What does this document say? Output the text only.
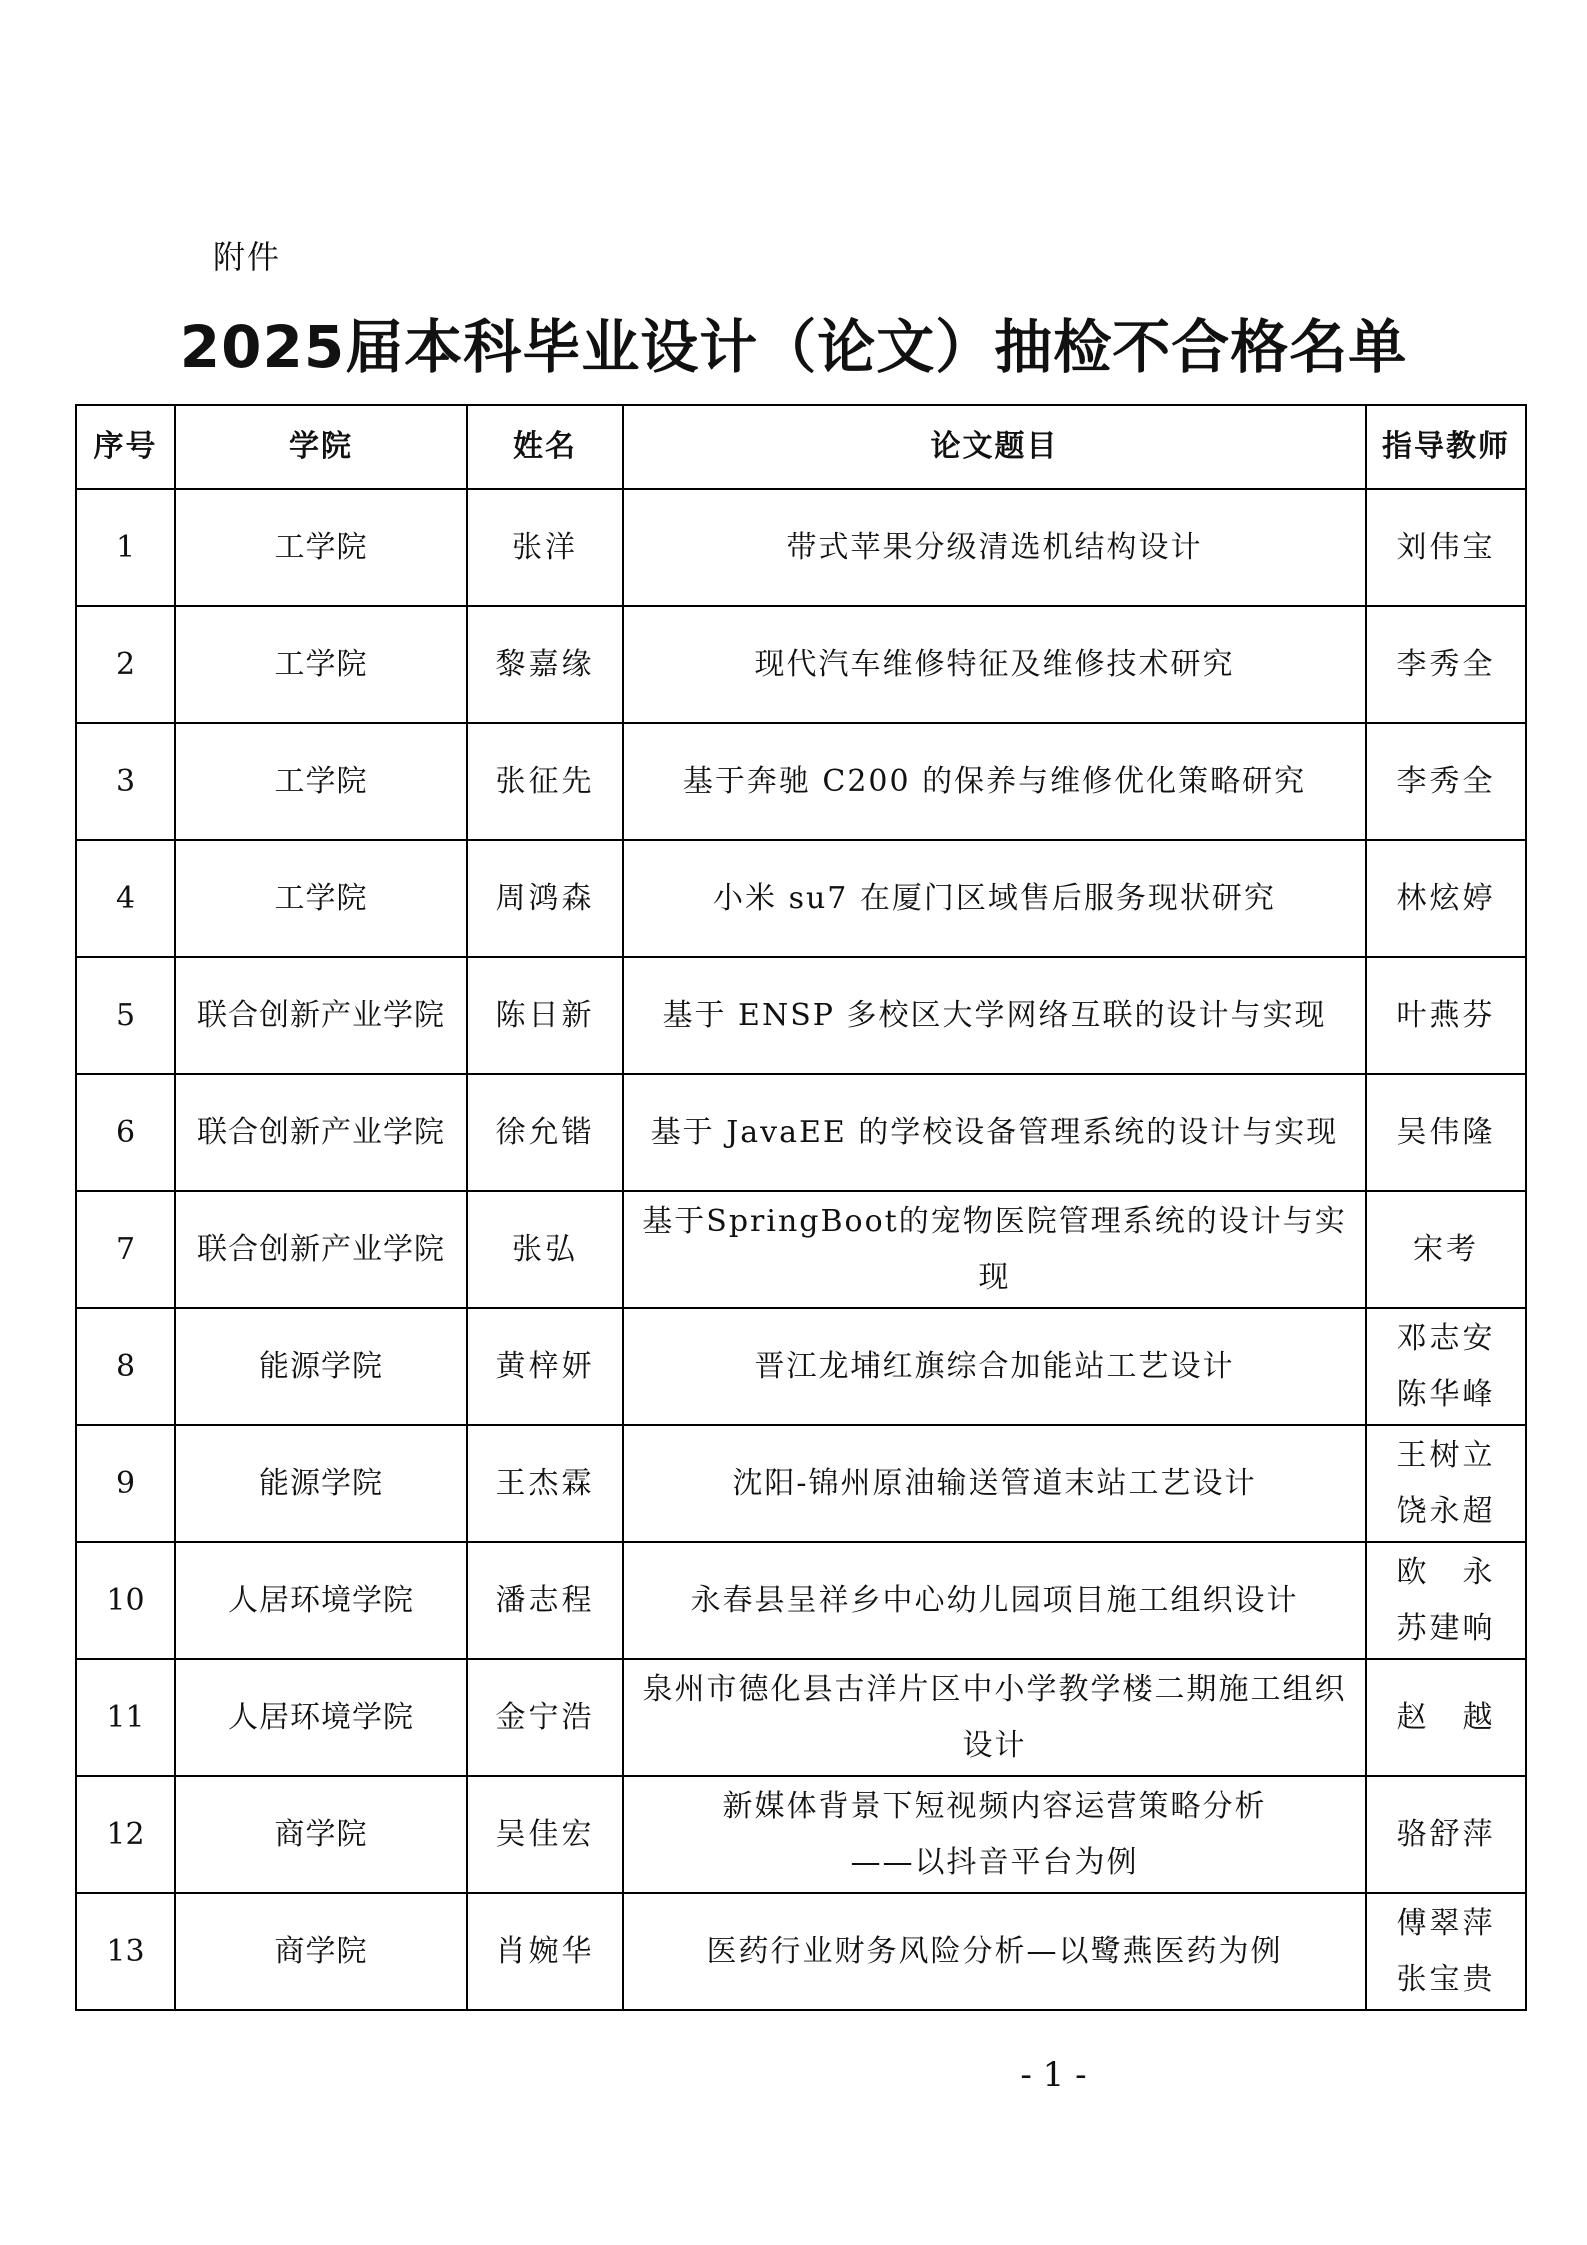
附件
2025届本科毕业设计（论文）抽检不合格名单
序号	学院	姓名	论文题目	指导教师
1	工学院	张洋	带式苹果分级清选机结构设计	刘伟宝

2	工学院	黎嘉缘	现代汽车维修特征及维修技术研究	李秀全

3	工学院	张征先	基于奔驰 C200 的保养与维修优化策略研究	李秀全

4	工学院	周鸿森	小米 su7 在厦门区域售后服务现状研究	林炫婷

5	联合创新产业学院	陈日新	基于 ENSP 多校区大学网络互联的设计与实现	叶燕芬

6	联合创新产业学院	徐允锴	基于 JavaEE 的学校设备管理系统的设计与实现	吴伟隆

7	联合创新产业学院	张弘	基于SpringBoot的宠物医院管理系统的设计与实现	宋考

8	能源学院	黄梓妍	晋江龙埔红旗综合加能站工艺设计	邓志安
陈华峰

9	能源学院	王杰霖	沈阳-锦州原油输送管道末站工艺设计	王树立
饶永超

10	人居环境学院	潘志程	永春县呈祥乡中心幼儿园项目施工组织设计	欧　永
苏建响

11	人居环境学院	金宁浩	泉州市德化县古洋片区中小学教学楼二期施工组织
设计	赵　越

12	商学院	吴佳宏	新媒体背景下短视频内容运营策略分析
——以抖音平台为例	骆舒萍

13	商学院	肖婉华	医药行业财务风险分析—以鹭燕医药为例	傅翠萍
张宝贵
- 1 -
